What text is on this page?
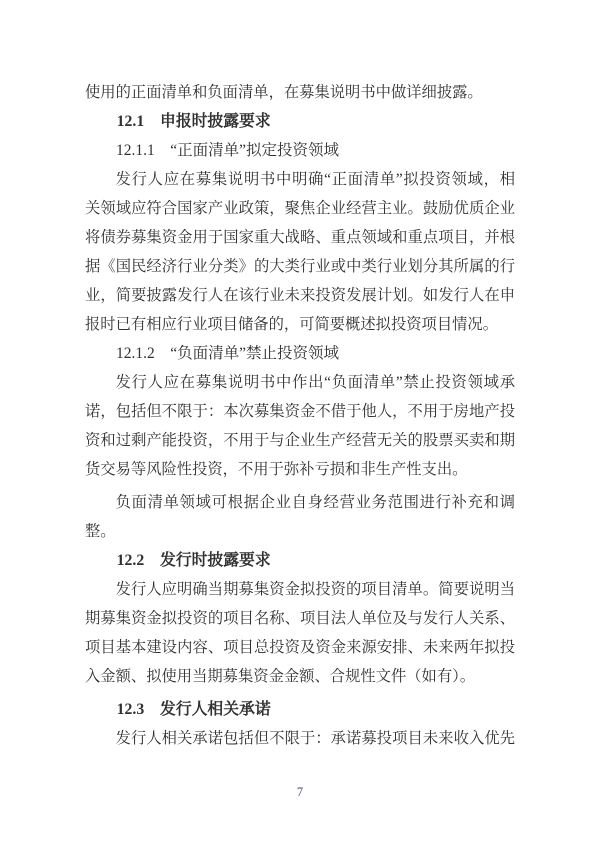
使用的正面清单和负面清单，在募集说明书中做详细披露。
12.1　申报时披露要求
12.1.1　“正面清单”拟定投资领域
发行人应在募集说明书中明确“正面清单”拟投资领域，相
关领域应符合国家产业政策，聚焦企业经营主业。鼓励优质企业
将债券募集资金用于国家重大战略、重点领域和重点项目，并根
据《国民经济行业分类》的大类行业或中类行业划分其所属的行
业，简要披露发行人在该行业未来投资发展计划。如发行人在申
报时已有相应行业项目储备的，可简要概述拟投资项目情况。
12.1.2　“负面清单”禁止投资领域
发行人应在募集说明书中作出“负面清单”禁止投资领域承
诺，包括但不限于：本次募集资金不借于他人，不用于房地产投
资和过剩产能投资，不用于与企业生产经营无关的股票买卖和期
货交易等风险性投资，不用于弥补亏损和非生产性支出。
负面清单领域可根据企业自身经营业务范围进行补充和调
整。
12.2　发行时披露要求
发行人应明确当期募集资金拟投资的项目清单。简要说明当
期募集资金拟投资的项目名称、项目法人单位及与发行人关系、
项目基本建设内容、项目总投资及资金来源安排、未来两年拟投
入金额、拟使用当期募集资金金额、合规性文件（如有）。
12.3　发行人相关承诺
发行人相关承诺包括但不限于：承诺募投项目未来收入优先
7
